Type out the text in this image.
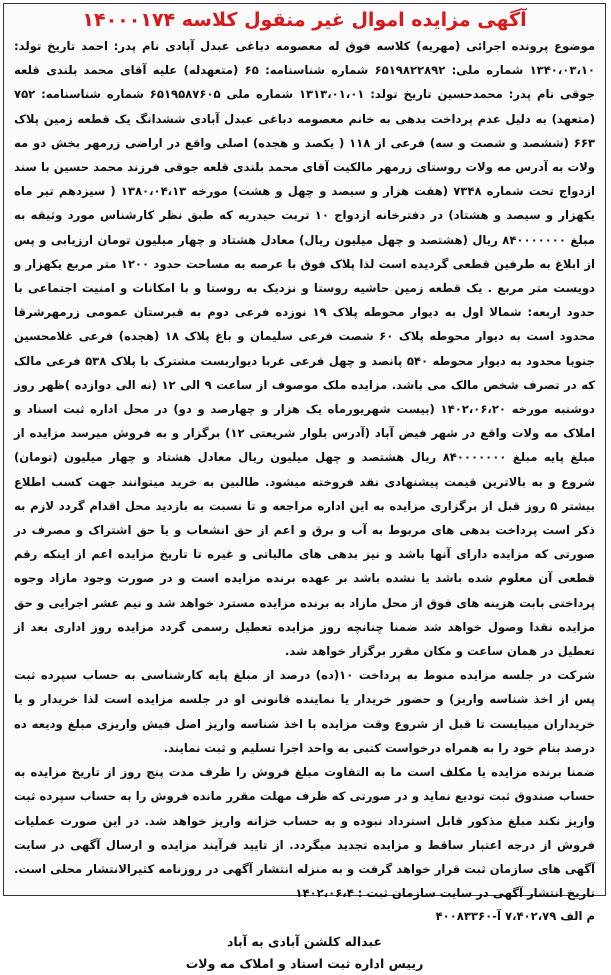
آگهی مزایده اموال غیر منقول کلاسه ۱۴۰۰۰۱۷۴

موضوع پرونده اجرائی (مهریه) کلاسه فوق له معصومه دباغی عبدل آبادی نام پدر: احمد تاریخ تولد: ۱۳۴۰،۰۳،۱۰ شماره ملی: ۶۵۱۹۸۲۲۸۹۲ شماره شناسنامه: ۶۵ (متعهدله) علیه آقای محمد بلندی قلعه جوقی نام پدر: محمدحسین تاریخ تولد: ۱۳۱۳،۰۱،۰۱ شماره ملی ۶۵۱۹۵۸۷۶۰۵ شماره شناسنامه: ۷۵۲ (متعهد) به دلیل عدم پرداخت بدهی به خانم معصومه دباغی عبدل آبادی ششدانگ یک قطعه زمین پلاک ۶۶۳ (ششصد و شصت و سه) فرعی از ۱۱۸ ( یکصد و هجده) اصلی واقع در اراضی زرمهر بخش دو مه ولات به آدرس مه ولات روستای زرمهر مالکیت آقای محمد بلندی قلعه جوقی فرزند محمد حسین با سند ازدواج تحت شماره ۷۳۴۸ (هفت هزار و سیصد و چهل و هشت) مورخه ۱۳۸۰،۰۴،۱۳ ( سیزدهم تیر ماه یکهزار و سیصد و هشتاد) در دفترخانه ازدواج ۱۰ تربت حیدریه که طبق نظر کارشناس مورد وثیقه به مبلغ ۸۴۰۰۰۰۰۰۰ ریال (هشتصد و چهل میلیون ریال) معادل هشتاد و چهار میلیون تومان ارزیابی و پس از ابلاغ به طرفین قطعی گردیده است لذا پلاک فوق با عرصه به مساحت حدود ۱۲۰۰ متر مربع یکهزار و دویست متر مربع . یک قطعه زمین حاشیه روستا و نزدیک به روستا و با امکانات و امنیت اجتماعی با حدود اربعه: شمالا اول به دیوار محوطه پلاک ۱۹ نوزده فرعی دوم به قبرستان عمومی زرمهرشرقا محدود است به دیوار محوطه پلاک ۶۰ شصت فرعی سلیمان و باغ پلاک ۱۸ (هجده) فرعی غلامحسین جنوبا محدود به دیوار محوطه ۵۴۰ پانصد و چهل فرعی غربا دیواربست مشترک با پلاک ۵۳۸ فرعی مالک که در تصرف شخص مالک می باشد. مزایده ملک موصوف از ساعت ۹ الی ۱۲ (نه الی دوازده )ظهر روز دوشنبه مورخه ۱۴۰۲،۰۶،۲۰ (بیست شهریورماه یک هزار و چهارصد و دو) در محل اداره ثبت اسناد و املاک مه ولات واقع در شهر فیض آباد (آدرس بلوار شریعتی ۱۲) برگزار و به فروش میرسد مزایده از مبلغ پایه مبلغ ۸۴۰۰۰۰۰۰۰ ریال هشتصد و چهل میلیون ریال معادل هشتاد و چهار میلیون (تومان) شروع و به بالاترین قیمت پیشنهادی نقد فروخته میشود. طالبین به خرید میتوانند جهت کسب اطلاع بیشتر ۵ روز قبل از برگزاری مزایده به این اداره مراجعه و تا نسبت به بازدید محل اقدام گردد لازم به ذکر است پرداخت بدهی های مربوط به آب و برق و اعم از حق انشعاب و یا حق اشتراک و مصرف در صورتی که مزایده دارای آنها باشد و نیز بدهی های مالیاتی و غیره تا تاریخ مزایده اعم از اینکه رقم قطعی آن معلوم شده باشد یا نشده باشد بر عهده برنده مزایده است و در صورت وجود مازاد وجوه پرداختی بابت هزینه های فوق از محل مازاد به برنده مزایده مسترد خواهد شد و نیم عشر اجرایی و حق مزایده نقدا وصول خواهد شد ضمنا چنانچه روز مزایده تعطیل رسمی گردد مزایده روز اداری بعد از تعطیل در همان ساعت و مکان مقرر برگزار خواهد شد.

شرکت در جلسه مزایده منوط به پرداخت ۱۰(ده) درصد از مبلغ پایه کارشناسی به حساب سپرده ثبت پس از اخذ شناسه واریز) و حضور خریدار یا نماینده قانونی او در جلسه مزایده است لذا خریدار و یا خریداران میبایست تا قبل از شروع وقت مزایده با اخذ شناسه واریز اصل فیش واریزی مبلغ ودیعه ده درصد بنام خود را به همراه درخواست کتبی به واحد اجرا تسلیم و ثبت نمایند.

ضمنا برنده مزایده یا مکلف است ما به التفاوت مبلغ فروش را ظرف مدت پنج روز از تاریخ مزایده به حساب صندوق ثبت تودیع نماید و در صورتی که ظرف مهلت مقرر مانده فروش را به حساب سپرده ثبت واریز نکند مبلغ مذکور قابل استرداد نبوده و به حساب خزانه واریز خواهد شد. در این صورت عملیات فروش از درجه اعتبار ساقط و مزایده تجدید میگردد. از تایید فرآیند مزایده و ارسال آگهی در سایت آگهی های سازمان ثبت قرار خواهد گرفت و به منزله انتشار آگهی در روزنامه کثیرالانتشار محلی است. تاریخ انتشار آگهی در سایت سازمان ثبت : ۱۴۰۲،۰۶،۴

م الف ۷،۴۰۲،۷۹ آ-۴۰۰۸۳۳۶۰
عبداله کلشن آبادی به آباد
رییس اداره ثبت اسناد و املاک مه ولات
